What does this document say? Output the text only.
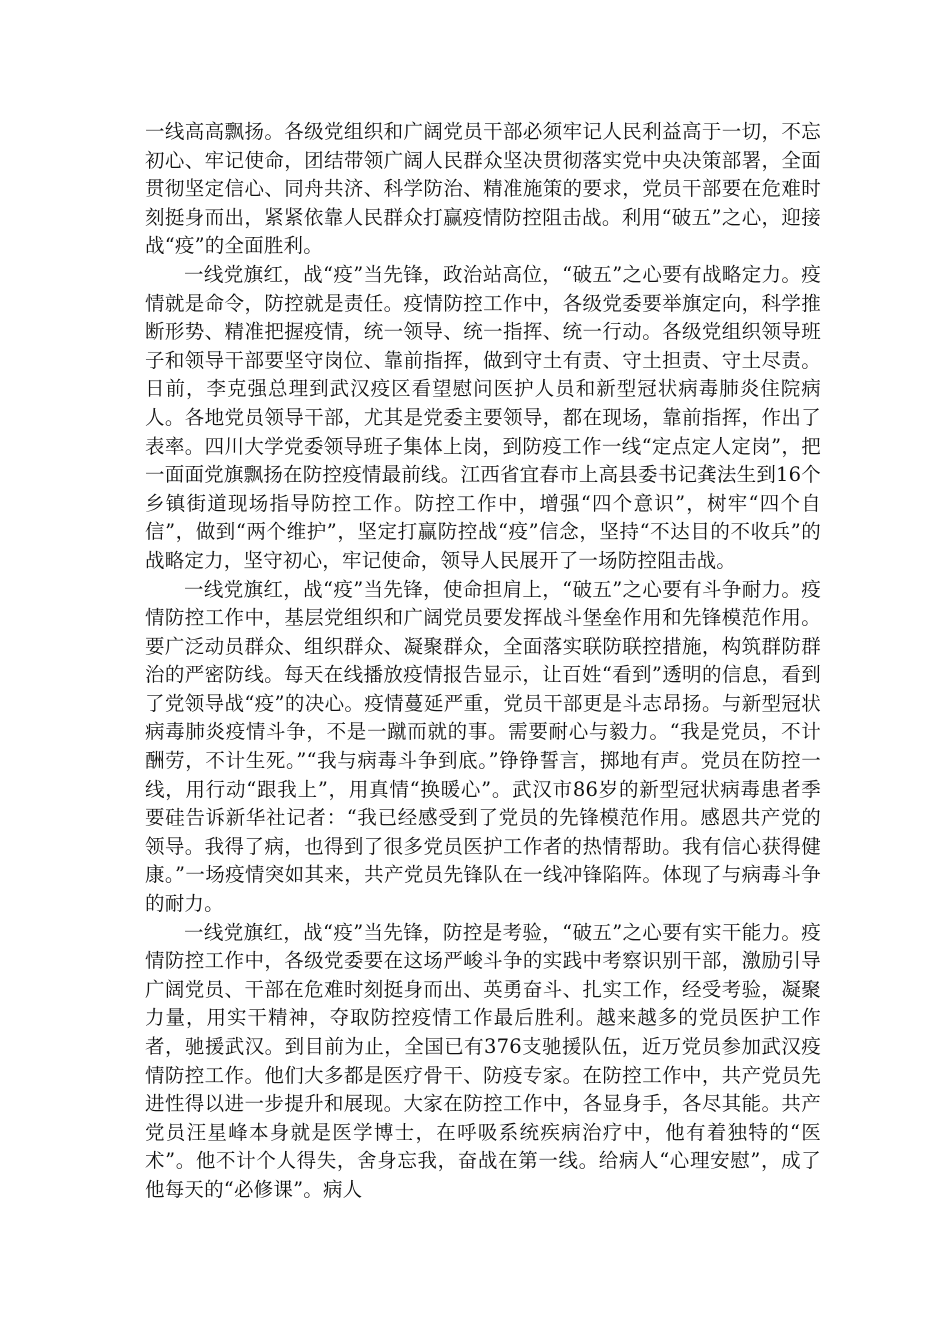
一线高高飘扬。各级党组织和广阔党员干部必须牢记人民利益高于一切，不忘初心、牢记使命，团结带领广阔人民群众坚决贯彻落实党中央决策部署，全面贯彻坚定信心、同舟共济、科学防治、精准施策的要求，党员干部要在危难时刻挺身而出，紧紧依靠人民群众打赢疫情防控阻击战。利用“破五”之心，迎接战“疫”的全面胜利。

一线党旗红，战“疫”当先锋，政治站高位，“破五”之心要有战略定力。疫情就是命令，防控就是责任。疫情防控工作中，各级党委要举旗定向，科学推断形势、精准把握疫情，统一领导、统一指挥、统一行动。各级党组织领导班子和领导干部要坚守岗位、靠前指挥，做到守土有责、守土担责、守土尽责。日前，李克强总理到武汉疫区看望慰问医护人员和新型冠状病毒肺炎住院病人。各地党员领导干部，尤其是党委主要领导，都在现场，靠前指挥，作出了表率。四川大学党委领导班子集体上岗，到防疫工作一线“定点定人定岗”，把一面面党旗飘扬在防控疫情最前线。江西省宜春市上高县委书记龚法生到16个乡镇街道现场指导防控工作。防控工作中，增强“四个意识”，树牢“四个自信”，做到“两个维护”，坚定打赢防控战“疫”信念，坚持“不达目的不收兵”的战略定力，坚守初心，牢记使命，领导人民展开了一场防控阻击战。

一线党旗红，战“疫”当先锋，使命担肩上，“破五”之心要有斗争耐力。疫情防控工作中，基层党组织和广阔党员要发挥战斗堡垒作用和先锋模范作用。要广泛动员群众、组织群众、凝聚群众，全面落实联防联控措施，构筑群防群治的严密防线。每天在线播放疫情报告显示，让百姓“看到”透明的信息，看到了党领导战“疫”的决心。疫情蔓延严重，党员干部更是斗志昂扬。与新型冠状病毒肺炎疫情斗争，不是一蹴而就的事。需要耐心与毅力。“我是党员，不计酬劳，不计生死。”“我与病毒斗争到底。”铮铮誓言，掷地有声。党员在防控一线，用行动“跟我上”，用真情“换暖心”。武汉市86岁的新型冠状病毒患者季要硅告诉新华社记者：“我已经感受到了党员的先锋模范作用。感恩共产党的领导。我得了病，也得到了很多党员医护工作者的热情帮助。我有信心获得健康。”一场疫情突如其来，共产党员先锋队在一线冲锋陷阵。体现了与病毒斗争的耐力。

一线党旗红，战“疫”当先锋，防控是考验，“破五”之心要有实干能力。疫情防控工作中，各级党委要在这场严峻斗争的实践中考察识别干部，激励引导广阔党员、干部在危难时刻挺身而出、英勇奋斗、扎实工作，经受考验，凝聚力量，用实干精神，夺取防控疫情工作最后胜利。越来越多的党员医护工作者，驰援武汉。到目前为止，全国已有376支驰援队伍，近万党员参加武汉疫情防控工作。他们大多都是医疗骨干、防疫专家。在防控工作中，共产党员先进性得以进一步提升和展现。大家在防控工作中，各显身手，各尽其能。共产党员汪星峰本身就是医学博士，在呼吸系统疾病治疗中，他有着独特的“医术”。他不计个人得失，舍身忘我，奋战在第一线。给病人“心理安慰”，成了他每天的“必修课”。病人
